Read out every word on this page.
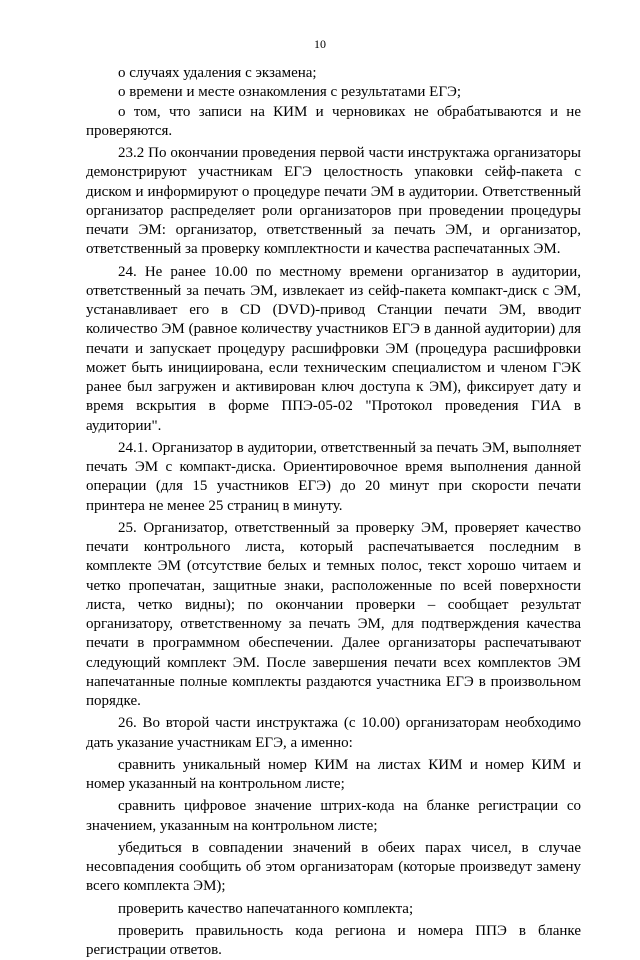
10

о случаях удаления с экзамена;

о времени и месте ознакомления с результатами ЕГЭ;

о том, что записи на КИМ и черновиках не обрабатываются и не проверяются.

23.2 По окончании проведения первой части инструктажа организаторы демонстрируют участникам ЕГЭ целостность упаковки сейф-пакета с диском и информируют о процедуре печати ЭМ в аудитории. Ответственный организатор распределяет роли организаторов при проведении процедуры печати ЭМ: организатор, ответственный за печать ЭМ, и организатор, ответственный за проверку комплектности и качества распечатанных ЭМ.

24. Не ранее 10.00 по местному времени организатор в аудитории, ответственный за печать ЭМ, извлекает из сейф-пакета компакт-диск с ЭМ, устанавливает его в CD (DVD)-привод Станции печати ЭМ, вводит количество ЭМ (равное количеству участников ЕГЭ в данной аудитории) для печати и запускает процедуру расшифровки ЭМ (процедура расшифровки может быть инициирована, если техническим специалистом и членом ГЭК ранее был загружен и активирован ключ доступа к ЭМ), фиксирует дату и время вскрытия в форме ППЭ-05-02 "Протокол проведения ГИА в аудитории".

24.1. Организатор в аудитории, ответственный за печать ЭМ, выполняет печать ЭМ с компакт-диска. Ориентировочное время выполнения данной операции (для 15 участников ЕГЭ) до 20 минут при скорости печати принтера не менее 25 страниц в минуту.

25. Организатор, ответственный за проверку ЭМ, проверяет качество печати контрольного листа, который распечатывается последним в комплекте ЭМ (отсутствие белых и темных полос, текст хорошо читаем и четко пропечатан, защитные знаки, расположенные по всей поверхности листа, четко видны); по окончании проверки – сообщает результат организатору, ответственному за печать ЭМ, для подтверждения качества печати в программном обеспечении. Далее организаторы распечатывают следующий комплект ЭМ. После завершения печати всех комплектов ЭМ напечатанные полные комплекты раздаются участника ЕГЭ в произвольном порядке.

26. Во второй части инструктажа (с 10.00) организаторам необходимо дать указание участникам ЕГЭ, а именно:

сравнить уникальный номер КИМ на листах КИМ и номер КИМ и номер указанный на контрольном листе;

сравнить цифровое значение штрих-кода на бланке регистрации со значением, указанным на контрольном листе;

убедиться в совпадении значений в обеих парах чисел, в случае несовпадения сообщить об этом организаторам (которые произведут замену всего комплекта ЭМ);

проверить качество напечатанного комплекта;

проверить правильность кода региона и номера ППЭ в бланке регистрации ответов.
